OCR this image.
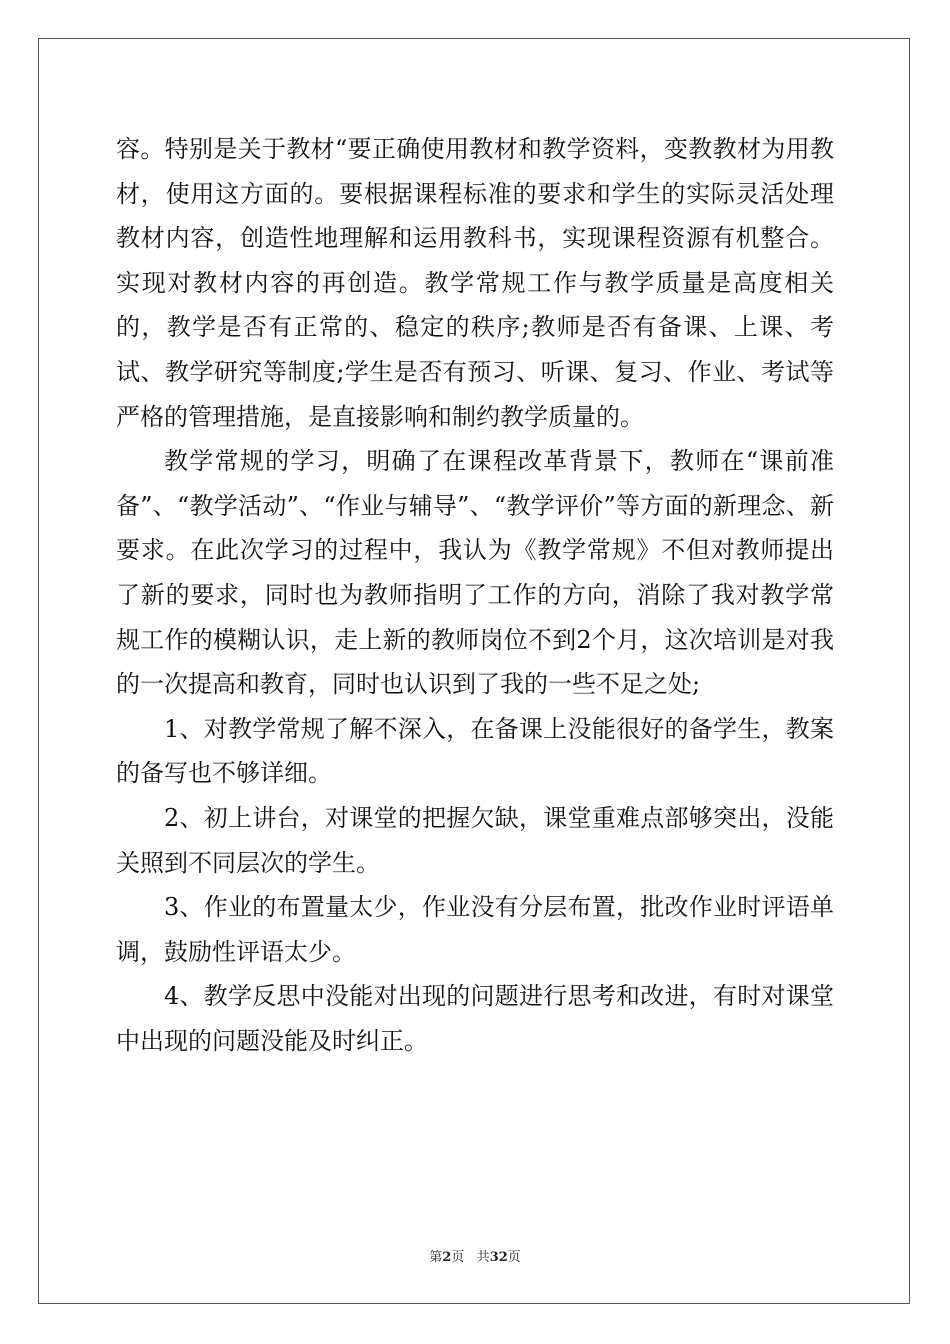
容。特别是关于教材“要正确使用教材和教学资料，变教教材为用教材，使用这方面的。要根据课程标准的要求和学生的实际灵活处理教材内容，创造性地理解和运用教科书，实现课程资源有机整合。实现对教材内容的再创造。教学常规工作与教学质量是高度相关的，教学是否有正常的、稳定的秩序;教师是否有备课、上课、考试、教学研究等制度;学生是否有预习、听课、复习、作业、考试等严格的管理措施，是直接影响和制约教学质量的。

教学常规的学习，明确了在课程改革背景下，教师在“课前准备”、“教学活动”、“作业与辅导”、“教学评价”等方面的新理念、新要求。在此次学习的过程中，我认为《教学常规》不但对教师提出了新的要求，同时也为教师指明了工作的方向，消除了我对教学常规工作的模糊认识，走上新的教师岗位不到2个月，这次培训是对我的一次提高和教育，同时也认识到了我的一些不足之处;

1、对教学常规了解不深入，在备课上没能很好的备学生，教案的备写也不够详细。

2、初上讲台，对课堂的把握欠缺，课堂重难点部够突出，没能关照到不同层次的学生。

3、作业的布置量太少，作业没有分层布置，批改作业时评语单调，鼓励性评语太少。

4、教学反思中没能对出现的问题进行思考和改进，有时对课堂中出现的问题没能及时纠正。

第2页 共32页
